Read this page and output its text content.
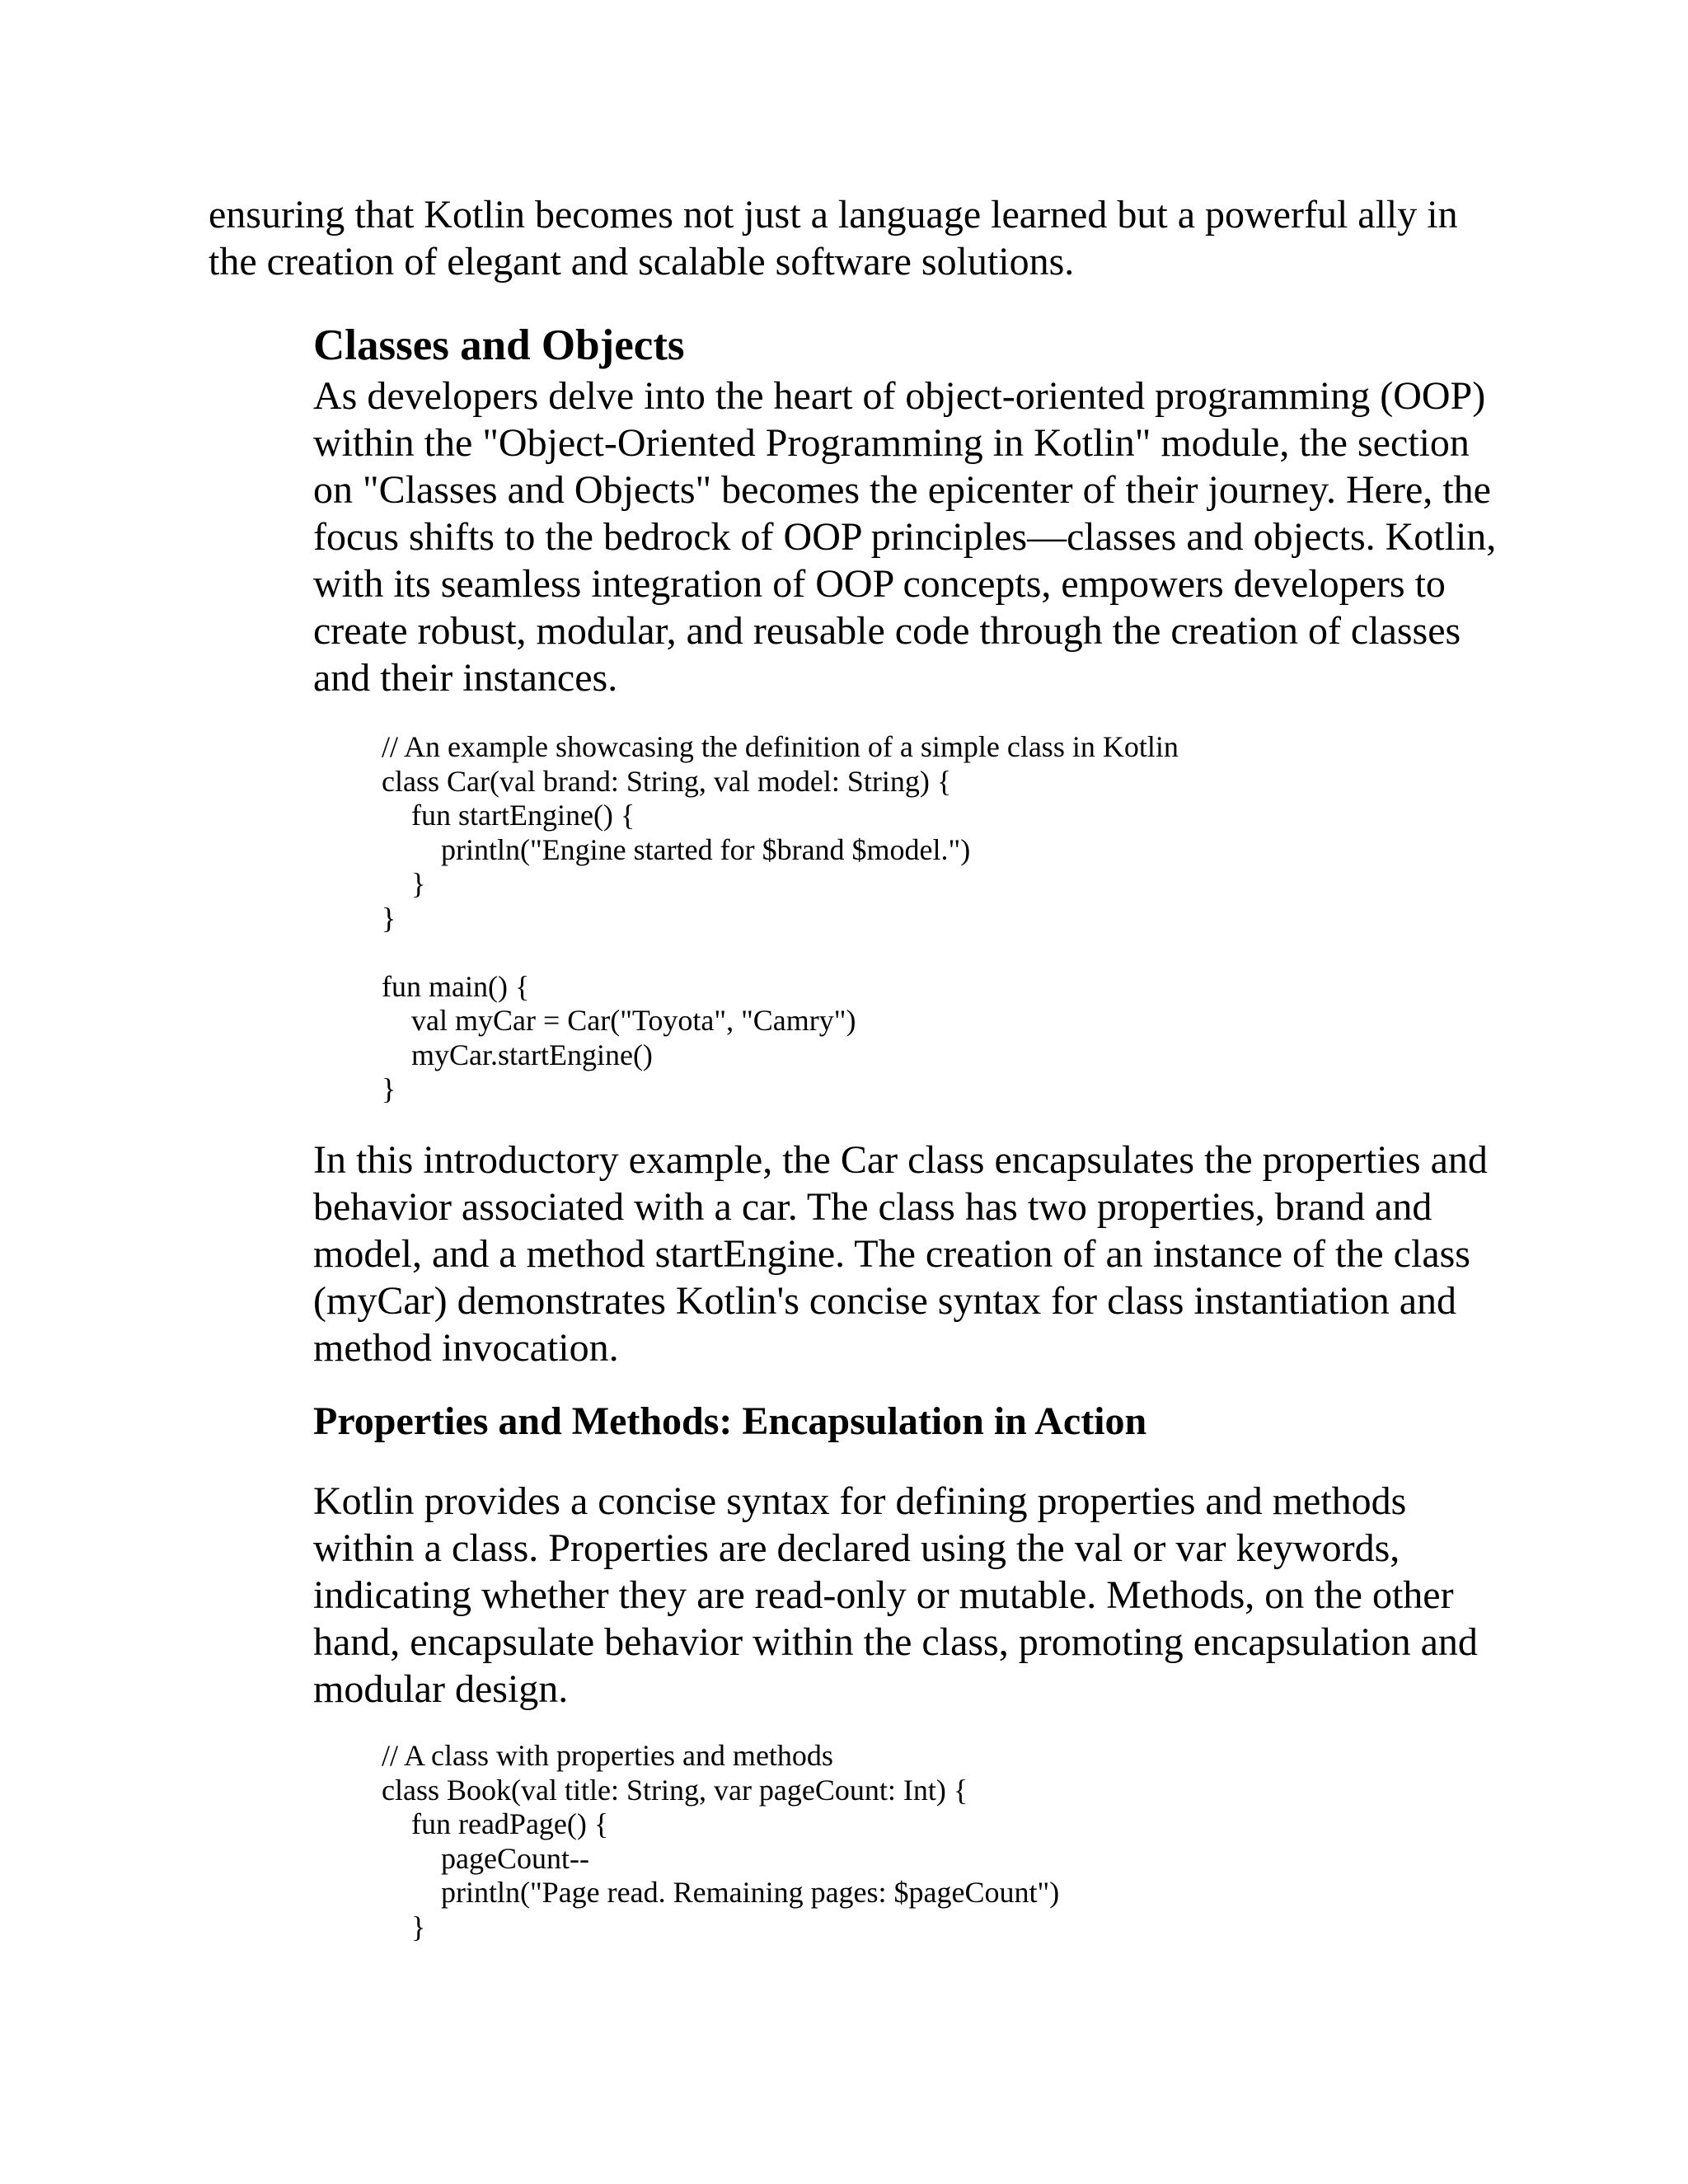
ensuring that Kotlin becomes not just a language learned but a powerful ally in the creation of elegant and scalable software solutions.

Classes and Objects

As developers delve into the heart of object-oriented programming (OOP) within the "Object-Oriented Programming in Kotlin" module, the section on "Classes and Objects" becomes the epicenter of their journey. Here, the focus shifts to the bedrock of OOP principles—classes and objects. Kotlin, with its seamless integration of OOP concepts, empowers developers to create robust, modular, and reusable code through the creation of classes and their instances.

// An example showcasing the definition of a simple class in Kotlin
class Car(val brand: String, val model: String) {
fun startEngine() {
println("Engine started for $brand $model.")
}
}
fun main() {
val myCar = Car("Toyota", "Camry")
myCar.startEngine()
}

In this introductory example, the Car class encapsulates the properties and behavior associated with a car. The class has two properties, brand and model, and a method startEngine. The creation of an instance of the class (myCar) demonstrates Kotlin's concise syntax for class instantiation and method invocation.

Properties and Methods: Encapsulation in Action

Kotlin provides a concise syntax for defining properties and methods within a class. Properties are declared using the val or var keywords, indicating whether they are read-only or mutable. Methods, on the other hand, encapsulate behavior within the class, promoting encapsulation and modular design.

// A class with properties and methods
class Book(val title: String, var pageCount: Int) {
fun readPage() {
pageCount--
println("Page read. Remaining pages: $pageCount")
}
